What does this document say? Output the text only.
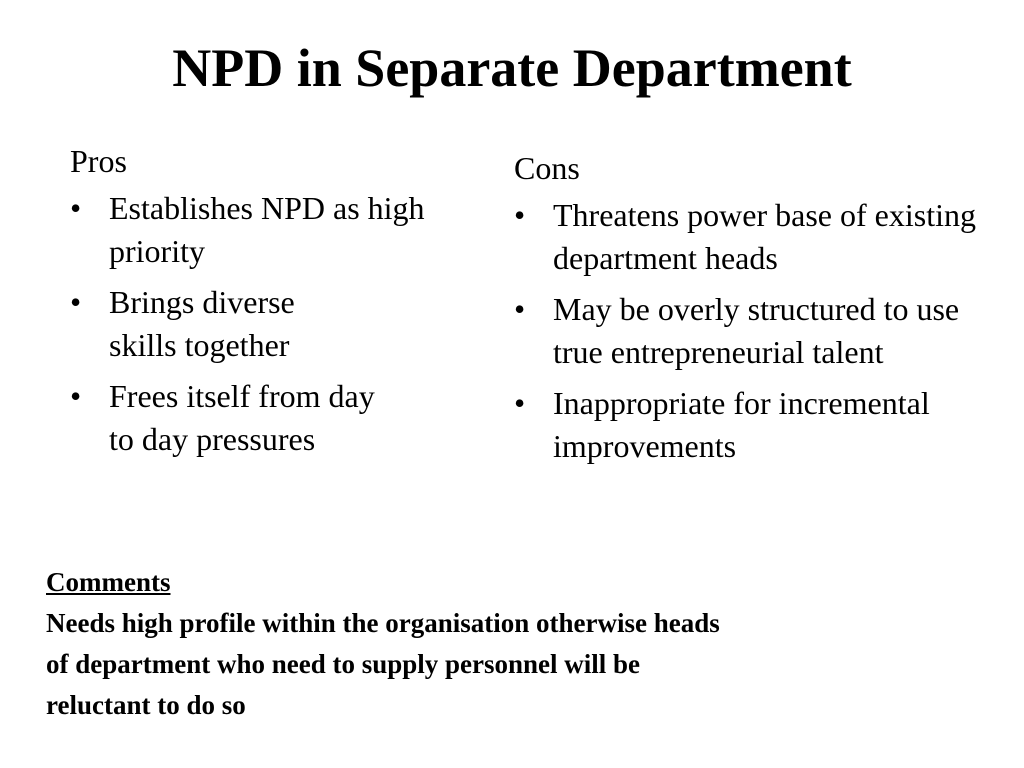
NPD in Separate Department
Pros
• Establishes NPD as high priority
• Brings diverse skills together
• Frees itself from day to day pressures
Cons
• Threatens power base of existing department heads
• May be overly structured to use true entrepreneurial talent
• Inappropriate for incremental improvements
Comments
Needs high profile within the organisation otherwise heads
of department who need to supply personnel will be
reluctant to do so
